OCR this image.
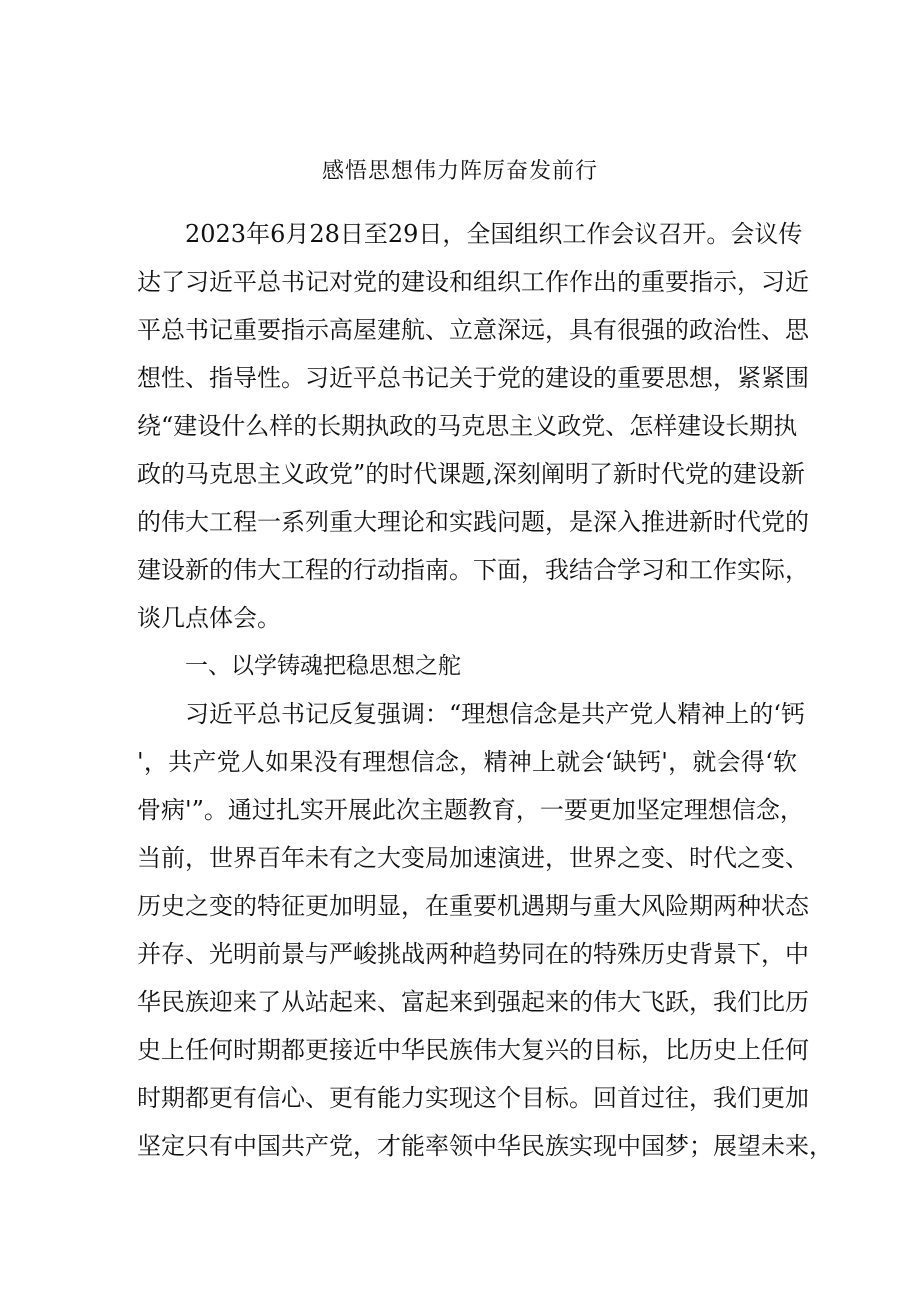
感悟思想伟力阵厉奋发前行
2023年6月28日至29日，全国组织工作会议召开。会议传
达了习近平总书记对党的建设和组织工作作出的重要指示，习近
平总书记重要指示高屋建航、立意深远，具有很强的政治性、思
想性、指导性。习近平总书记关于党的建设的重要思想，紧紧围
绕“建设什么样的长期执政的马克思主义政党、怎样建设长期执
政的马克思主义政党”的时代课题,深刻阐明了新时代党的建设新
的伟大工程一系列重大理论和实践问题，是深入推进新时代党的
建设新的伟大工程的行动指南。下面，我结合学习和工作实际，
谈几点体会。
一、以学铸魂把稳思想之舵
习近平总书记反复强调：“理想信念是共产党人精神上的‘钙
'，共产党人如果没有理想信念，精神上就会‘缺钙'，就会得‘软
骨病'”。通过扎实开展此次主题教育，一要更加坚定理想信念，
当前，世界百年未有之大变局加速演进，世界之变、时代之变、
历史之变的特征更加明显，在重要机遇期与重大风险期两种状态
并存、光明前景与严峻挑战两种趋势同在的特殊历史背景下，中
华民族迎来了从站起来、富起来到强起来的伟大飞跃，我们比历
史上任何时期都更接近中华民族伟大复兴的目标，比历史上任何
时期都更有信心、更有能力实现这个目标。回首过往，我们更加
坚定只有中国共产党，才能率领中华民族实现中国梦；展望未来，
